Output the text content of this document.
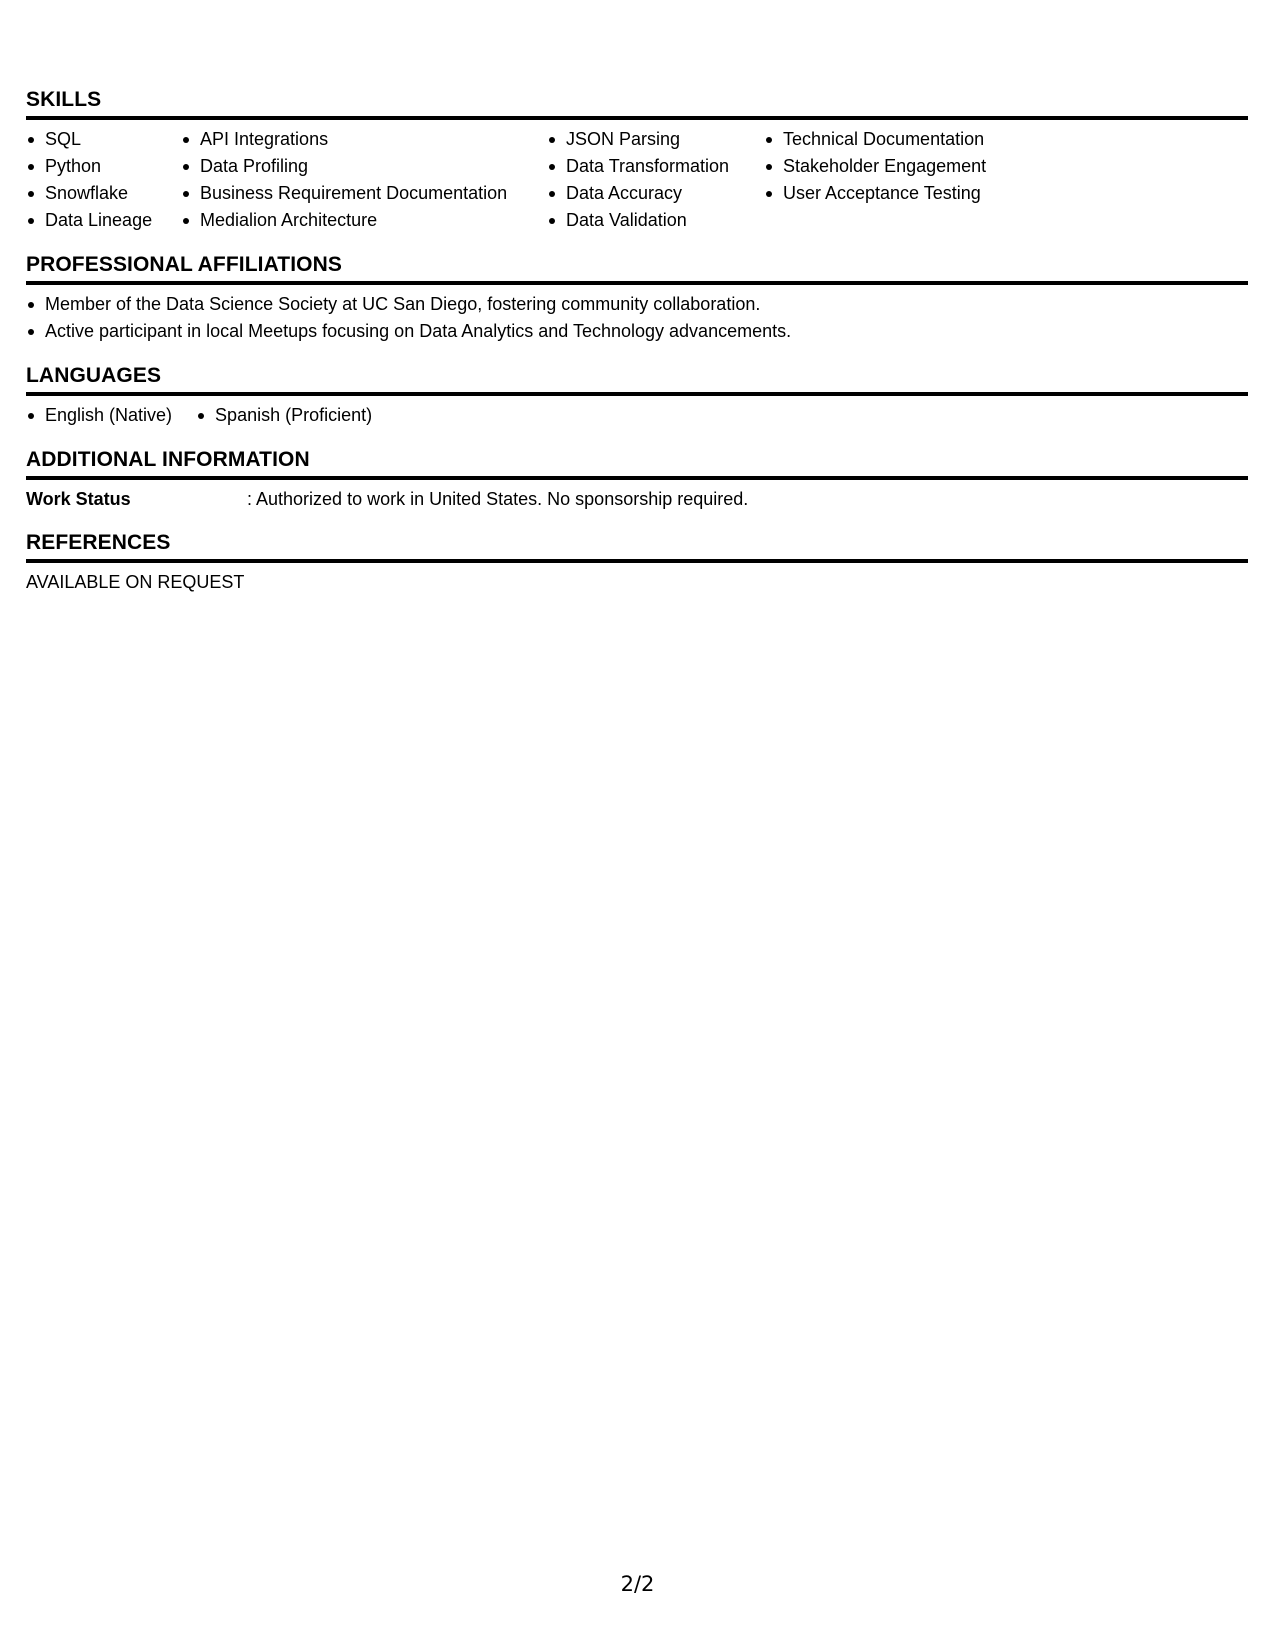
SKILLS
SQL
Python
Snowflake
Data Lineage
API Integrations
Data Profiling
Business Requirement Documentation
Medialion Architecture
JSON Parsing
Data Transformation
Data Accuracy
Data Validation
Technical Documentation
Stakeholder Engagement
User Acceptance Testing
PROFESSIONAL AFFILIATIONS
Member of the Data Science Society at UC San Diego, fostering community collaboration.
Active participant in local Meetups focusing on Data Analytics and Technology advancements.
LANGUAGES
English (Native)	Spanish (Proficient)
ADDITIONAL INFORMATION
Work Status	: Authorized to work in United States. No sponsorship required.
REFERENCES
AVAILABLE ON REQUEST
2/2
